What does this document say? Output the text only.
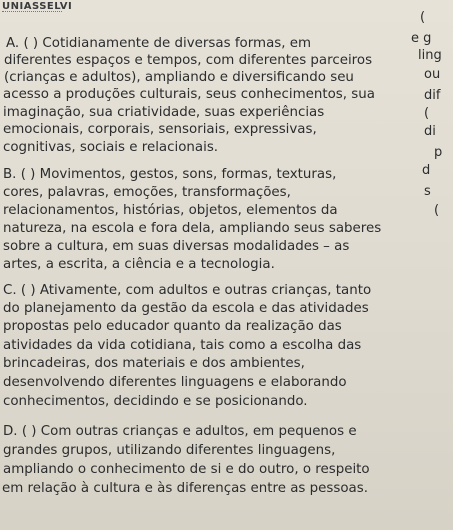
UNIASSELVI
A. ( ) Cotidianamente de diversas formas, em
diferentes espaços e tempos, com diferentes parceiros
(crianças e adultos), ampliando e diversificando seu
acesso a produções culturais, seus conhecimentos, sua
imaginação, sua criatividade, suas experiências
emocionais, corporais, sensoriais, expressivas,
cognitivas, sociais e relacionais.
B. ( ) Movimentos, gestos, sons, formas, texturas,
cores, palavras, emoções, transformações,
relacionamentos, histórias, objetos, elementos da
natureza, na escola e fora dela, ampliando seus saberes
sobre a cultura, em suas diversas modalidades – as
artes, a escrita, a ciência e a tecnologia.
C. ( ) Ativamente, com adultos e outras crianças, tanto
do planejamento da gestão da escola e das atividades
propostas pelo educador quanto da realização das
atividades da vida cotidiana, tais como a escolha das
brincadeiras, dos materiais e dos ambientes,
desenvolvendo diferentes linguagens e elaborando
conhecimentos, decidindo e se posicionando.
D. ( ) Com outras crianças e adultos, em pequenos e
grandes grupos, utilizando diferentes linguagens,
ampliando o conhecimento de si e do outro, o respeito
em relação à cultura e às diferenças entre as pessoas.
(
e g
ling
ou
dif
(
di
p
d
s
(
